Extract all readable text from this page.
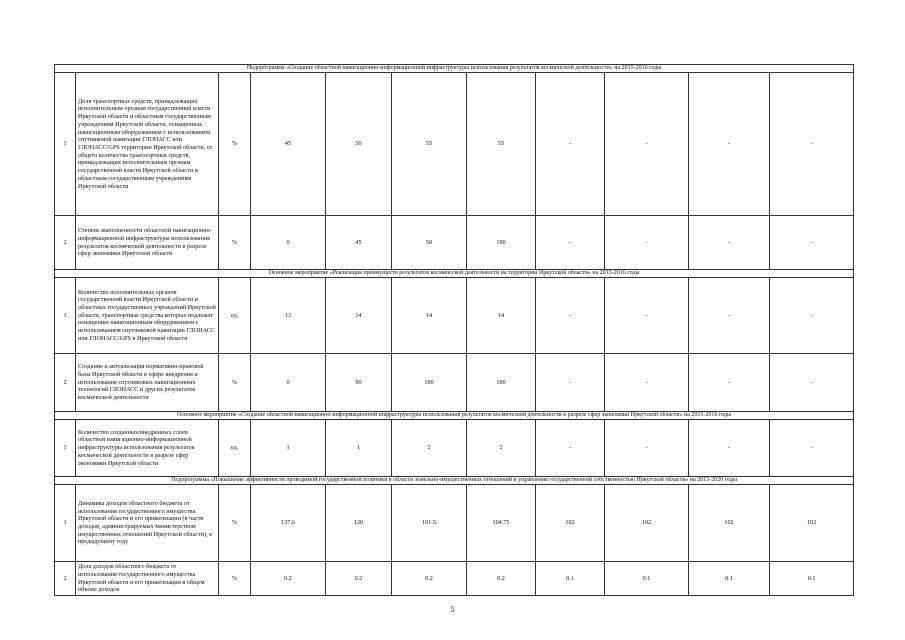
Подпрограмма «Создание областной навигационно-информационной инфраструктуры использования результатов космической деятельности» на 2015-2016 годы										
1	Доля транспортных средств, принадлежащих исполнительным органам государственной власти Иркутской области и областным государственным учреждениям Иркутской области, оснащенных навигационным оборудованием с использованием спутниковой навигации ГЛОНАСС или ГЛОНАСС/GPS территории Иркутской области, от общего количества транспортных средств, принадлежащих исполнительным органам государственной власти Иркутской области и областным государственным учреждениям Иркутской области	%	45	50	55	55	-	-	-	-
2	Степень выполненности областной навигационно-информационной инфраструктуры использования результатов космической деятельности в разрезе сфер экономики Иркутской области	%	0	45	50	100	-	-	-	-
Основное мероприятие «Реализация преимуществ результатов космической деятельности на территории Иркутской области» на 2015-2016 годы										
1	Количество исполнительных органов государственной власти Иркутской области и областных государственных учреждений Иркутской области, транспортные средства которых подлежат оснащению навигационным оборудованием с использованием спутниковой навигации ГЛОНАСС или ГЛОНАСС/GPS в Иркутской области	ед.	13	14	14	14	-	-	-	-
2	Создание и актуализация нормативно-правовой базы Иркутской области в сфере внедрения и использования спутниковых навигационных технологий ГЛОНАСС и других результатов космической деятельности	%	0	90	100	100	-	-	-	-
Основное мероприятие «Создание областной навигационно-информационной инфраструктуры использования результатов космической деятельности в разрезе сфер экономики Иркутской области» на 2015-2016 годы										
1	Количество созданных/внедренных слоев областной навигационно-информационной инфраструктуры использования результатов космической деятельности в разрезе сфер экономики Иркутской области	ед.	1	1	2	2	-	-	-	-
Подпрограмма «Повышение эффективности проводимой государственной политики в области земельно-имущественных отношений и управления государственной собственностью Иркутской области» на 2015-2020 годы										
1	Динамика доходов областного бюджета от использования государственного имущества Иркутской области и его приватизации (в части доходов, администрируемых министерством имущественных отношений Иркутской области), к предыдущему году	%	137.6	120	101.5	104.75	102	102	102	102
2	Доля доходов областного бюджета от использования государственного имущества Иркутской области и его приватизации в общем объеме доходов	%	0.2	0.2	0.2	0.2	0.1	0.1	0.1	0.1
5
